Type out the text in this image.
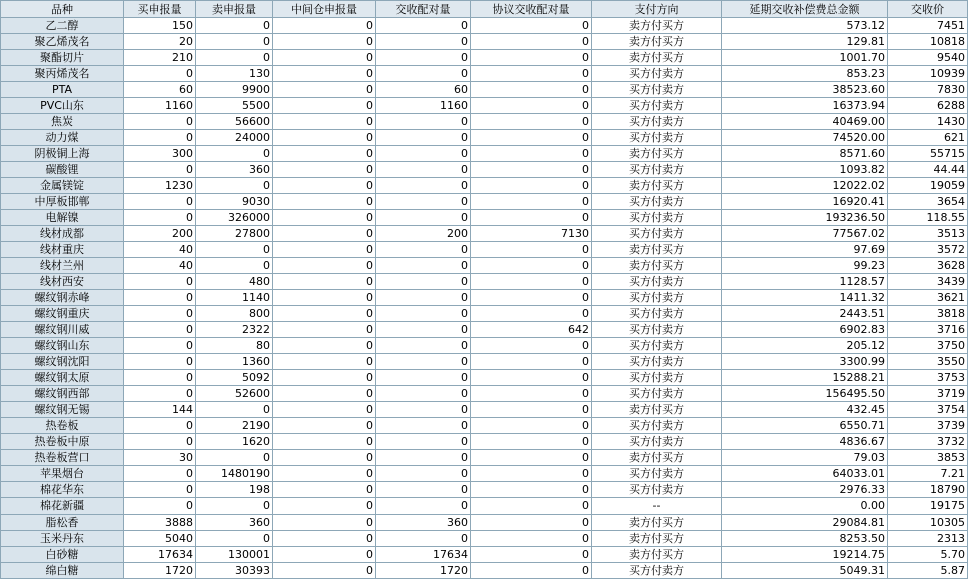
品种	买申报量	卖申报量	中间仓申报量	交收配对量	协议交收配对量	支付方向	延期交收补偿费总金额	交收价
乙二醇	150	0	0	0	0	卖方付买方	573.12	7451
聚乙烯茂名	20	0	0	0	0	卖方付买方	129.81	10818
聚酯切片	210	0	0	0	0	卖方付买方	1001.70	9540
聚丙烯茂名	0	130	0	0	0	买方付卖方	853.23	10939
PTA	60	9900	0	60	0	买方付卖方	38523.60	7830
PVC山东	1160	5500	0	1160	0	买方付卖方	16373.94	6288
焦炭	0	56600	0	0	0	买方付卖方	40469.00	1430
动力煤	0	24000	0	0	0	买方付卖方	74520.00	621
阴极铜上海	300	0	0	0	0	卖方付买方	8571.60	55715
碳酸锂	0	360	0	0	0	买方付卖方	1093.82	44.44
金属镁锭	1230	0	0	0	0	卖方付买方	12022.02	19059
中厚板邯郸	0	9030	0	0	0	买方付卖方	16920.41	3654
电解镍	0	326000	0	0	0	买方付卖方	193236.50	118.55
线材成都	200	27800	0	200	7130	买方付卖方	77567.02	3513
线材重庆	40	0	0	0	0	卖方付买方	97.69	3572
线材兰州	40	0	0	0	0	卖方付买方	99.23	3628
线材西安	0	480	0	0	0	买方付卖方	1128.57	3439
螺纹钢赤峰	0	1140	0	0	0	买方付卖方	1411.32	3621
螺纹钢重庆	0	800	0	0	0	买方付卖方	2443.51	3818
螺纹钢川威	0	2322	0	0	642	买方付卖方	6902.83	3716
螺纹钢山东	0	80	0	0	0	买方付卖方	205.12	3750
螺纹钢沈阳	0	1360	0	0	0	买方付卖方	3300.99	3550
螺纹钢太原	0	5092	0	0	0	买方付卖方	15288.21	3753
螺纹钢西部	0	52600	0	0	0	买方付卖方	156495.50	3719
螺纹钢无锡	144	0	0	0	0	卖方付买方	432.45	3754
热卷板	0	2190	0	0	0	买方付卖方	6550.71	3739
热卷板中原	0	1620	0	0	0	买方付卖方	4836.67	3732
热卷板营口	30	0	0	0	0	卖方付买方	79.03	3853
苹果烟台	0	1480190	0	0	0	买方付卖方	64033.01	7.21
棉花华东	0	198	0	0	0	买方付卖方	2976.33	18790
棉花新疆	0	0	0	0	0	--	0.00	19175
脂松香	3888	360	0	360	0	卖方付买方	29084.81	10305
玉米丹东	5040	0	0	0	0	卖方付买方	8253.50	2313
白砂糖	17634	130001	0	17634	0	卖方付买方	19214.75	5.70
绵白糖	1720	30393	0	1720	0	买方付卖方	5049.31	5.87
